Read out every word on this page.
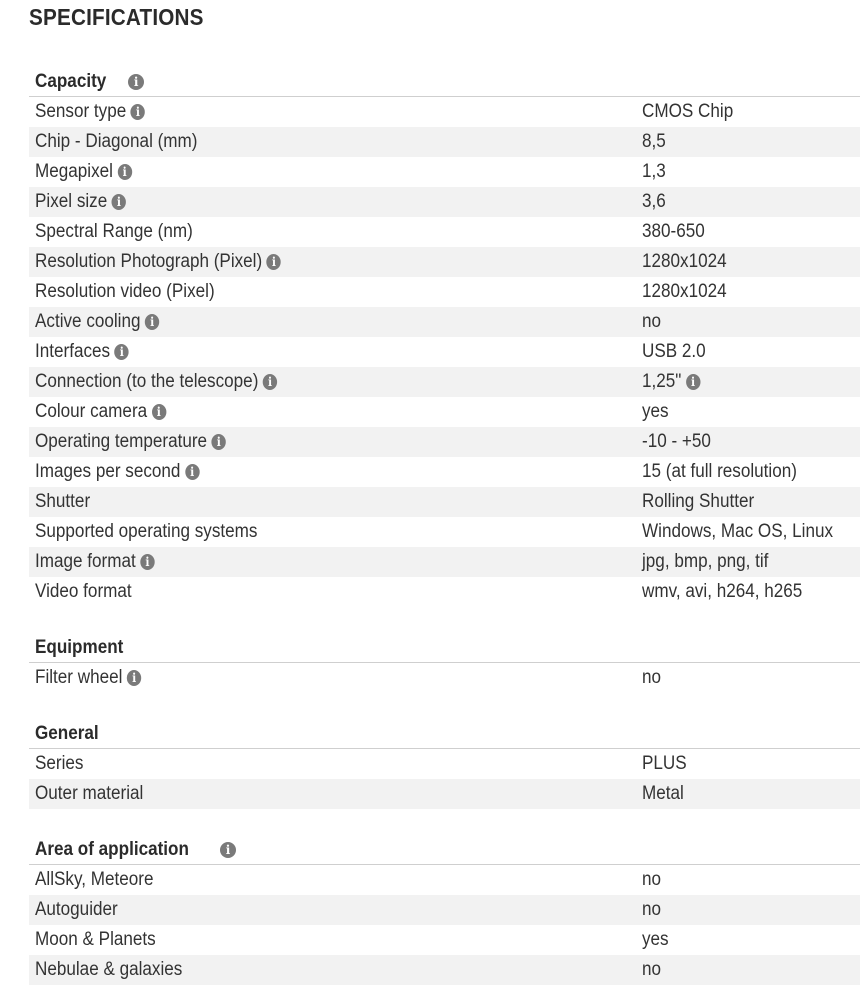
SPECIFICATIONS
Capacity	i
Sensor type i	CMOS Chip
Chip - Diagonal (mm)	8,5
Megapixel i	1,3
Pixel size i	3,6
Spectral Range (nm)	380-650
Resolution Photograph (Pixel) i	1280x1024
Resolution video (Pixel)	1280x1024
Active cooling i	no
Interfaces i	USB 2.0
Connection (to the telescope) i	1,25" i
Colour camera i	yes
Operating temperature i	-10 - +50
Images per second i	15 (at full resolution)
Shutter	Rolling Shutter
Supported operating systems	Windows, Mac OS, Linux
Image format i	jpg, bmp, png, tif
Video format	wmv, avi, h264, h265
Equipment
Filter wheel i	no
General
Series	PLUS
Outer material	Metal
Area of application	i
AllSky, Meteore	no
Autoguider	no
Moon & Planets	yes
Nebulae & galaxies	no
